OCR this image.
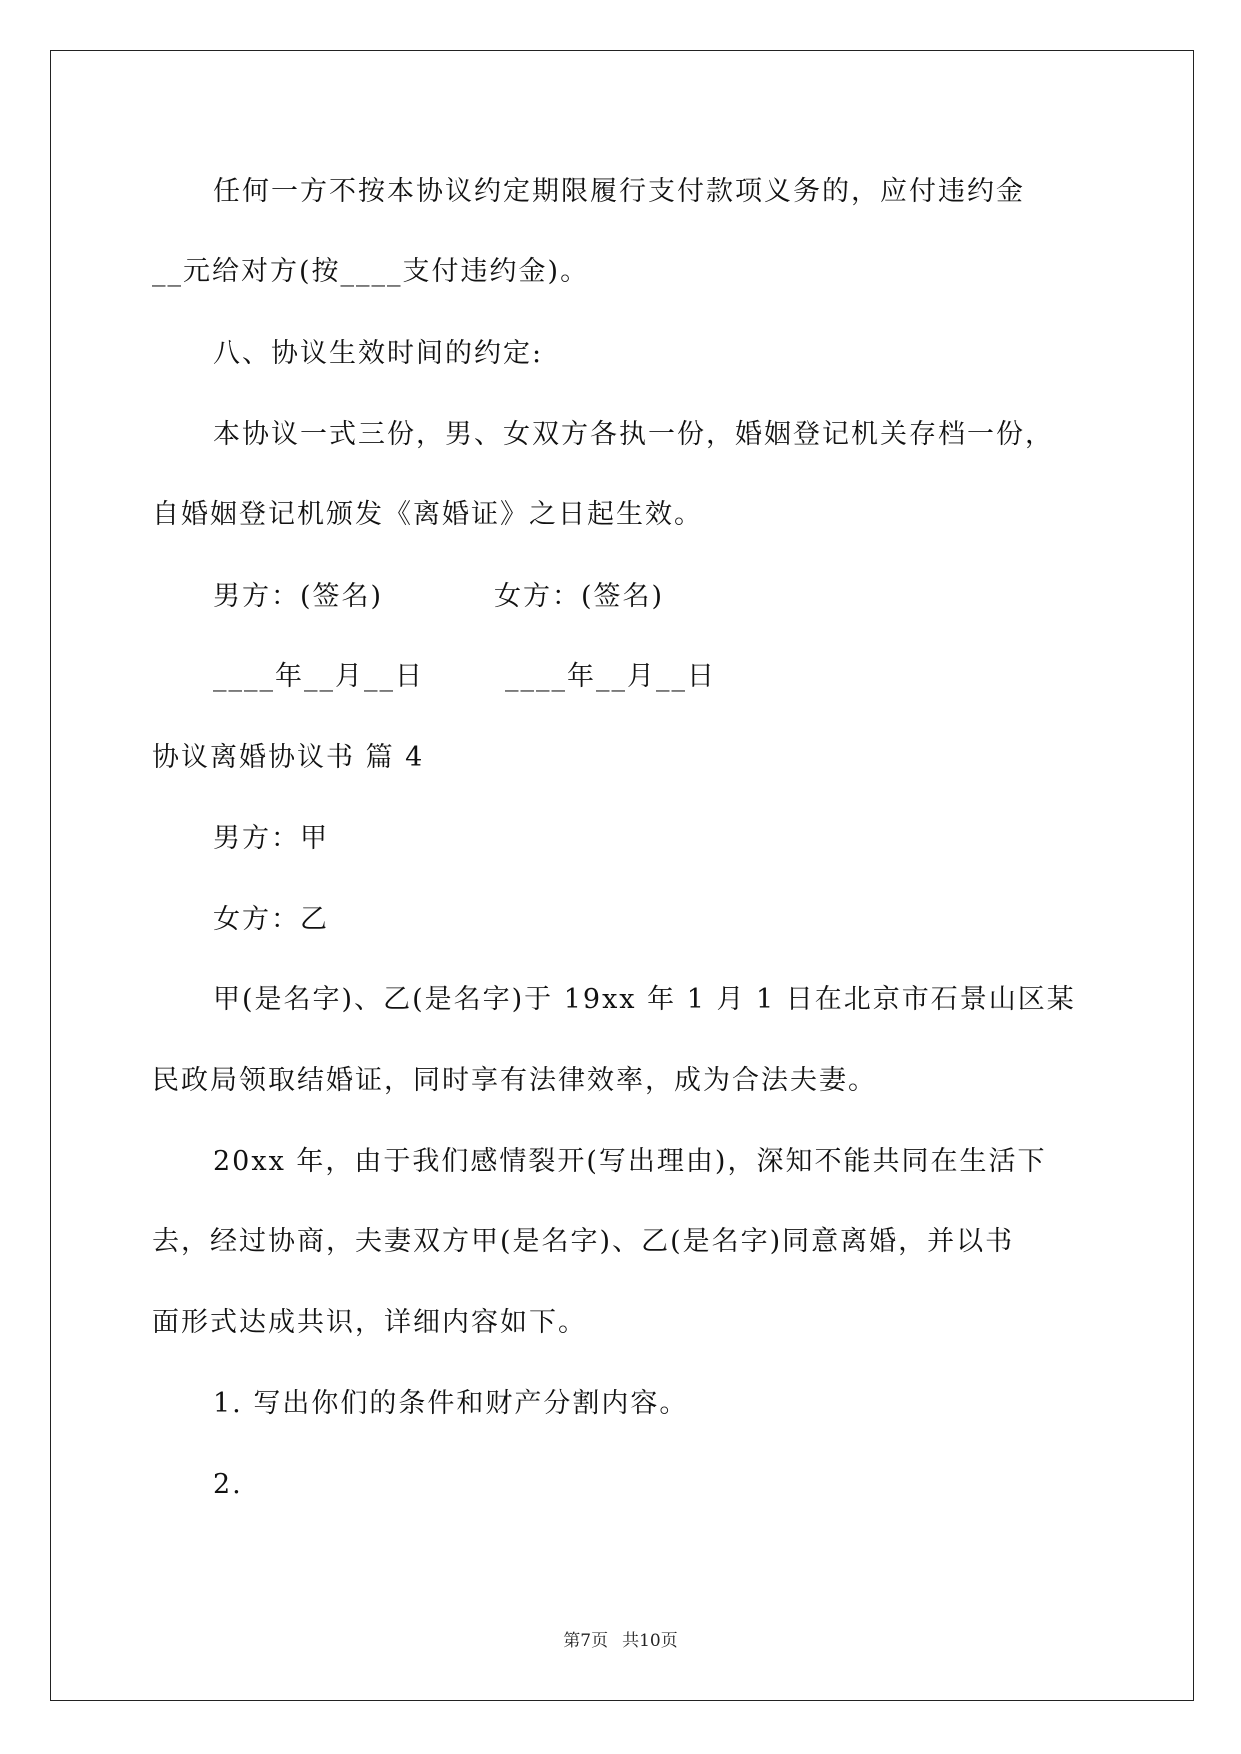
任何一方不按本协议约定期限履行支付款项义务的，应付违约金
__元给对方(按____支付违约金)。
八、协议生效时间的约定:
本协议一式三份，男、女双方各执一份，婚姻登记机关存档一份，
自婚姻登记机颁发《离婚证》之日起生效。
男方：(签名)	女方：(签名)
____年__月__日	____年__月__日
协议离婚协议书 篇 4
男方：甲
女方：乙
甲(是名字)、乙(是名字)于 19xx 年 1 月 1 日在北京市石景山区某
民政局领取结婚证，同时享有法律效率，成为合法夫妻。
20xx 年，由于我们感情裂开(写出理由)，深知不能共同在生活下
去，经过协商，夫妻双方甲(是名字)、乙(是名字)同意离婚，并以书
面形式达成共识，详细内容如下。
1. 写出你们的条件和财产分割内容。
2.
第7页 共10页
